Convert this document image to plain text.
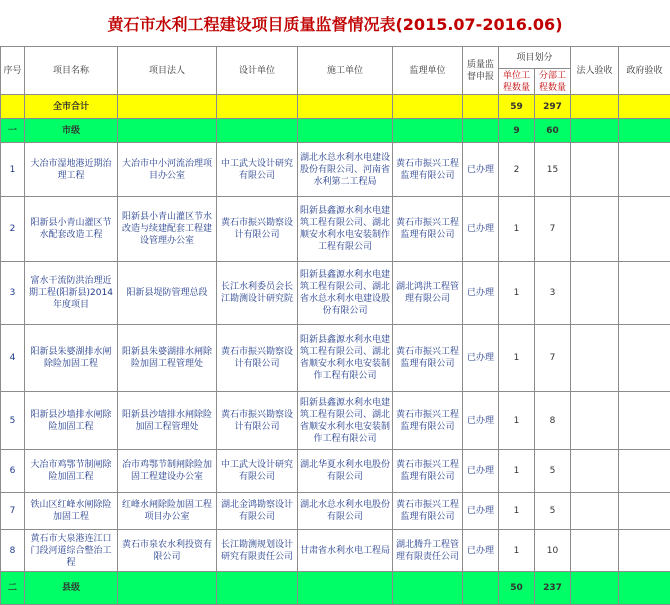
黄石市水利工程建设项目质量监督情况表(2015.07-2016.06)
序号	项目名称	项目法人	设计单位	施工单位	监理单位	质量监督申报	项目划分		法人验收	政府验收
							单位工程数量	分部工程数量		
	全市合计						59	297		
一	市级						9	60		
1	大冶市湿地港近期治理工程	大冶市中小河流治理项目办公室	中工武大设计研究有限公司	湖北水总水利水电建设股份有限公司、河南省水利第二工程局	黄石市振兴工程监理有限公司	已办理	2	15		
2	阳新县小青山灌区节水配套改造工程	阳新县小青山灌区节水改造与续建配套工程建设管理办公室	黄石市振兴勘察设计有限公司	阳新县鑫源水利水电建筑工程有限公司、湖北顺安水利水电安装制作工程有限公司	黄石市振兴工程监理有限公司	已办理	1	7		
3	富水干流防洪治理近期工程(阳新县)2014年度项目	阳新县堤防管理总段	长江水利委员会长江勘测设计研究院	阳新县鑫源水利水电建筑工程有限公司、湖北省水总水利水电建设股份有限公司	湖北鸿洪工程管理有限公司	已办理	1	3		
4	阳新县朱婆湖排水闸除险加固工程	阳新县朱婆湖排水闸除险加固工程管理处	黄石市振兴勘察设计有限公司	阳新县鑫源水利水电建筑工程有限公司、湖北省顺安水利水电安装制作工程有限公司	黄石市振兴工程监理有限公司	已办理	1	7		
5	阳新县沙墙排水闸除险加固工程	阳新县沙墙排水闸除险加固工程管理处	黄石市振兴勘察设计有限公司	阳新县鑫源水利水电建筑工程有限公司、湖北省顺安水利水电安装制作工程有限公司	黄石市振兴工程监理有限公司	已办理	1	8		
6	大冶市鸡鄂节制闸除险加固工程	冶市鸡鄂节制闸除险加固工程建设办公室	中工武大设计研究有限公司	湖北华夏水利水电股份有限公司	黄石市振兴工程监理有限公司	已办理	1	5		
7	铁山区红峰水闸除险加固工程	红峰水闸除险加固工程项目办公室	湖北金鸿勘察设计有限公司	湖北水总水利水电股份有限公司	黄石市振兴工程监理有限公司	已办理	1	5		
8	黄石市大泉港连江口门段河道综合整治工程	黄石市泉农水利投资有限公司	长江勘测规划设计研究有限责任公司	甘肃省水利水电工程局	湖北腾升工程管理有限责任公司	已办理	1	10		
二	县级						50	237		
